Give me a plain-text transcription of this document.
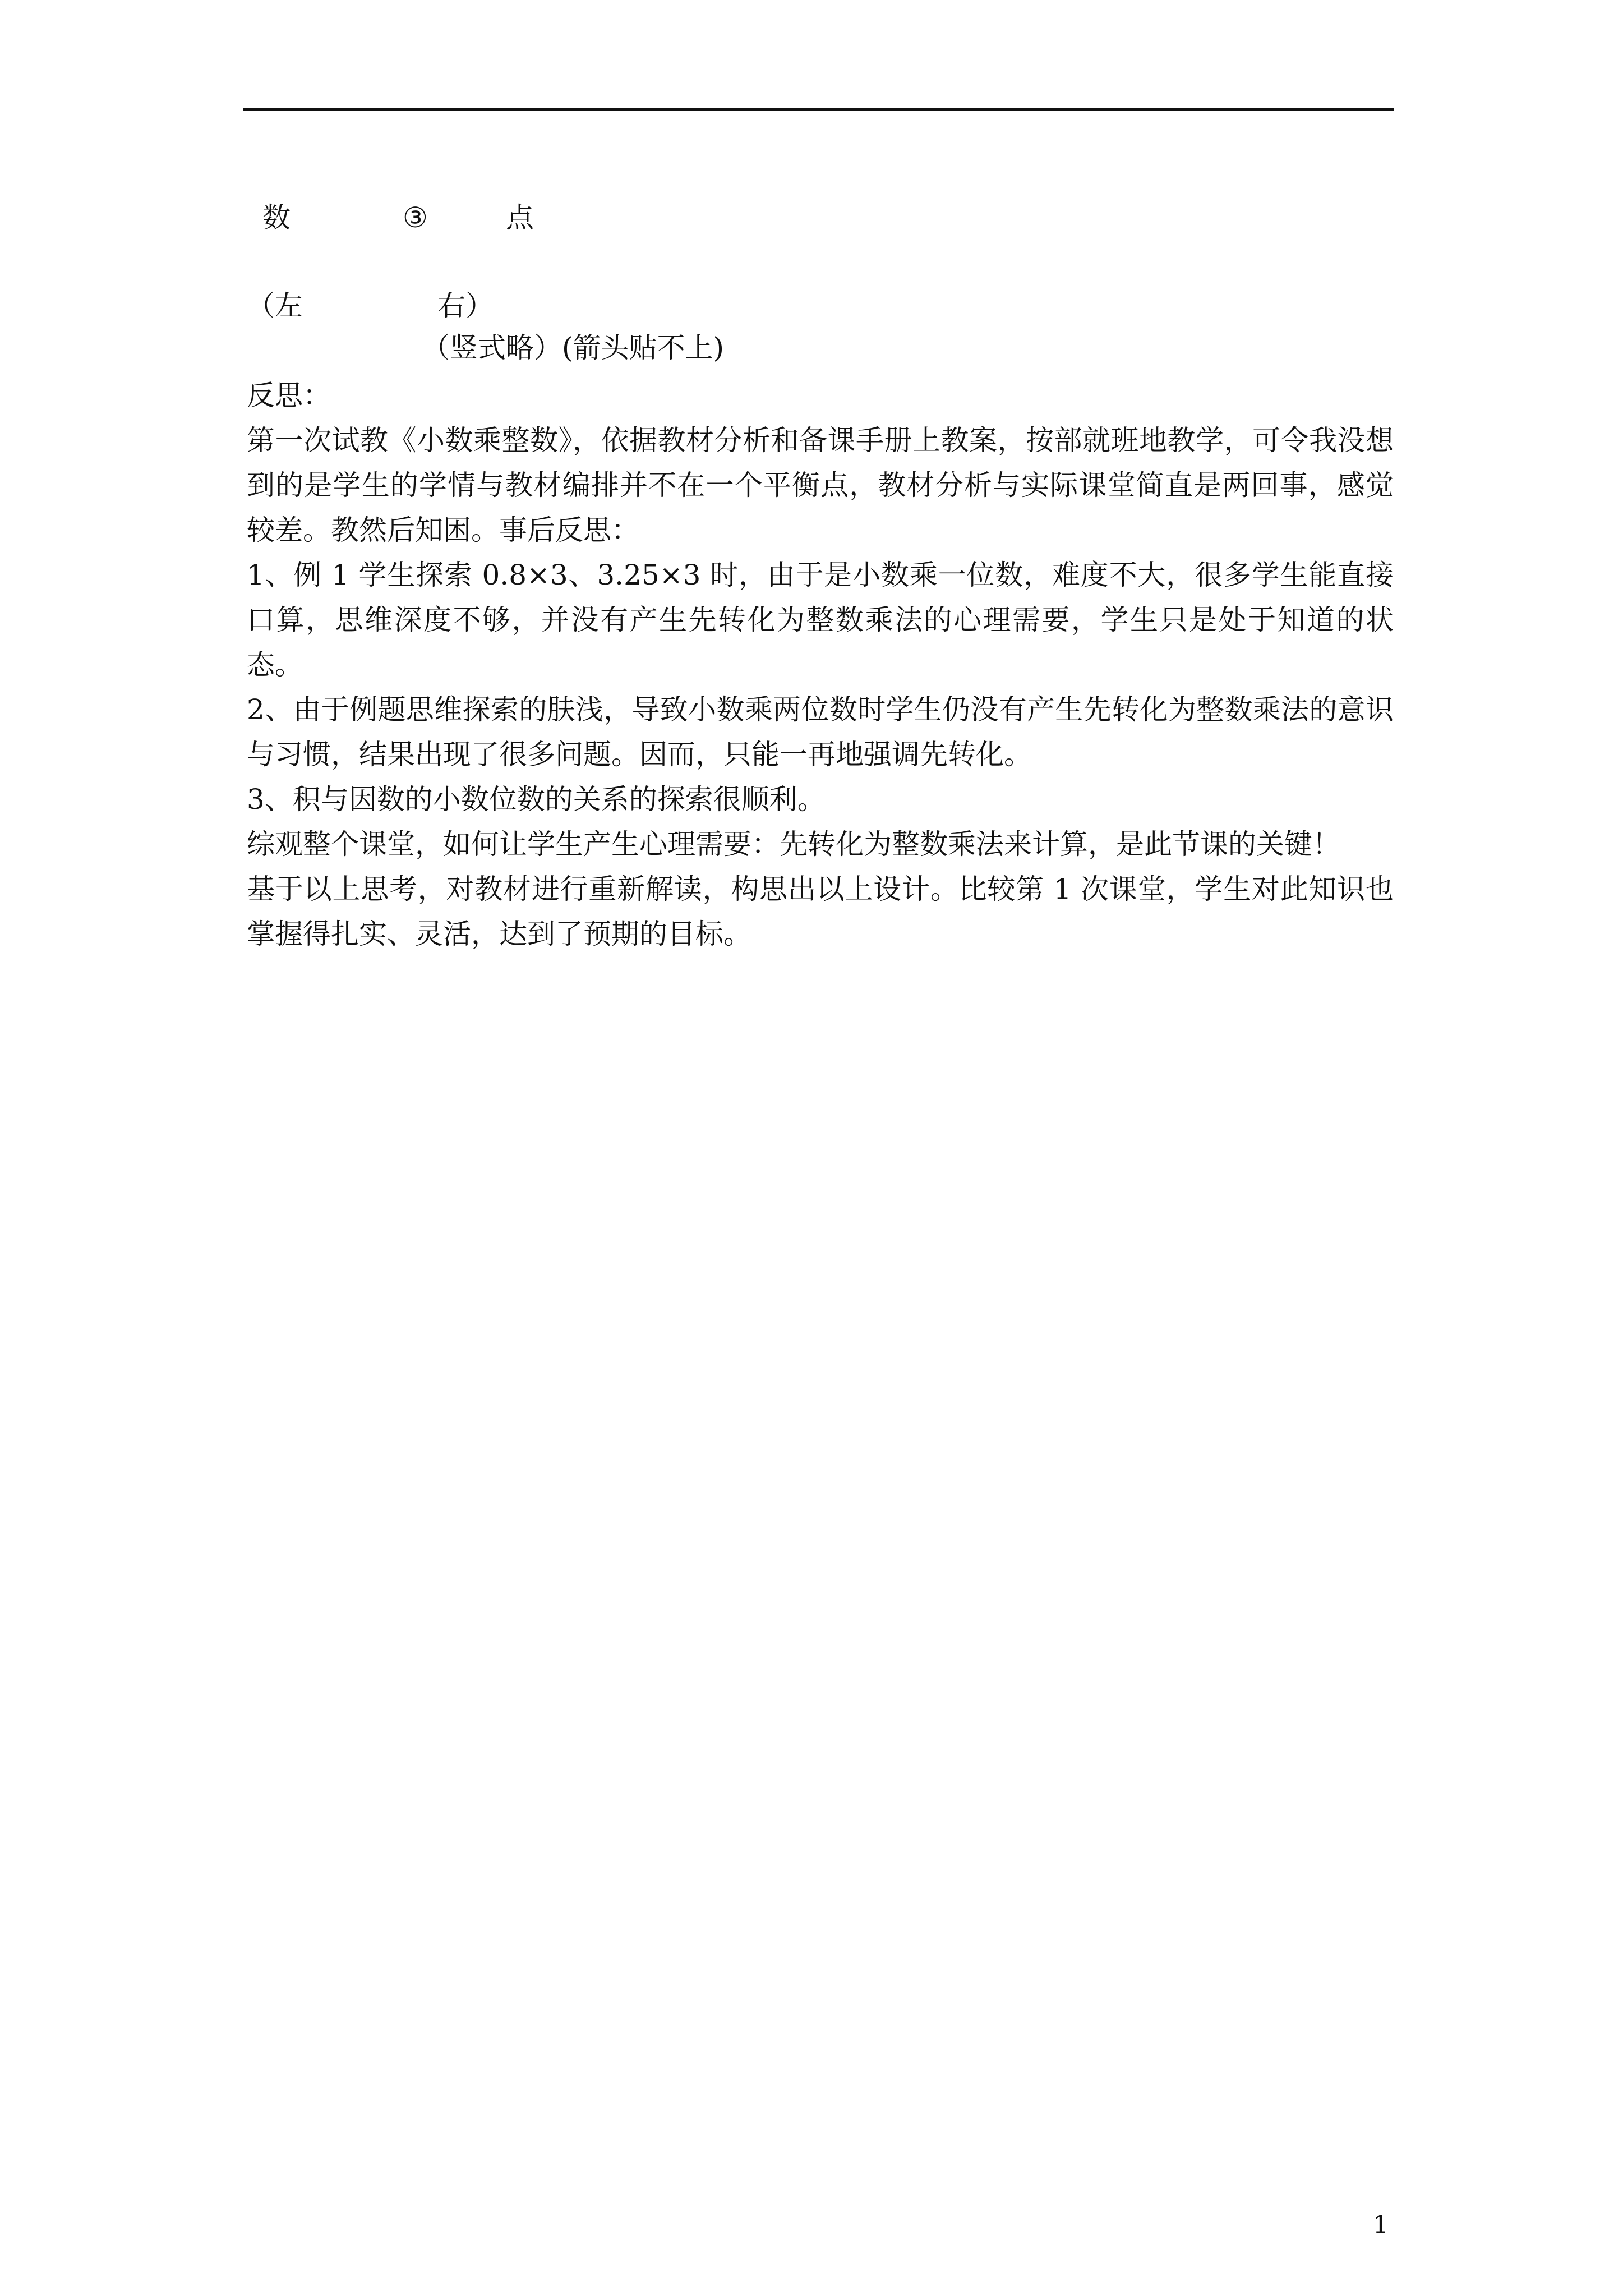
数	③	点
（左	右）
（竖式略）(箭头贴不上)

反思：

第一次试教《小数乘整数》，依据教材分析和备课手册上教案，按部就班地教学，可令我没想到的是学生的学情与教材编排并不在一个平衡点，教材分析与实际课堂简直是两回事，感觉较差。教然后知困。事后反思：

1、例 1 学生探索 0.8×3、3.25×3 时，由于是小数乘一位数，难度不大，很多学生能直接口算，思维深度不够，并没有产生先转化为整数乘法的心理需要，学生只是处于知道的状态。

2、由于例题思维探索的肤浅，导致小数乘两位数时学生仍没有产生先转化为整数乘法的意识与习惯，结果出现了很多问题。因而，只能一再地强调先转化。

3、积与因数的小数位数的关系的探索很顺利。

综观整个课堂，如何让学生产生心理需要：先转化为整数乘法来计算，是此节课的关键！

基于以上思考，对教材进行重新解读，构思出以上设计。比较第 1 次课堂，学生对此知识也掌握得扎实、灵活，达到了预期的目标。

1
